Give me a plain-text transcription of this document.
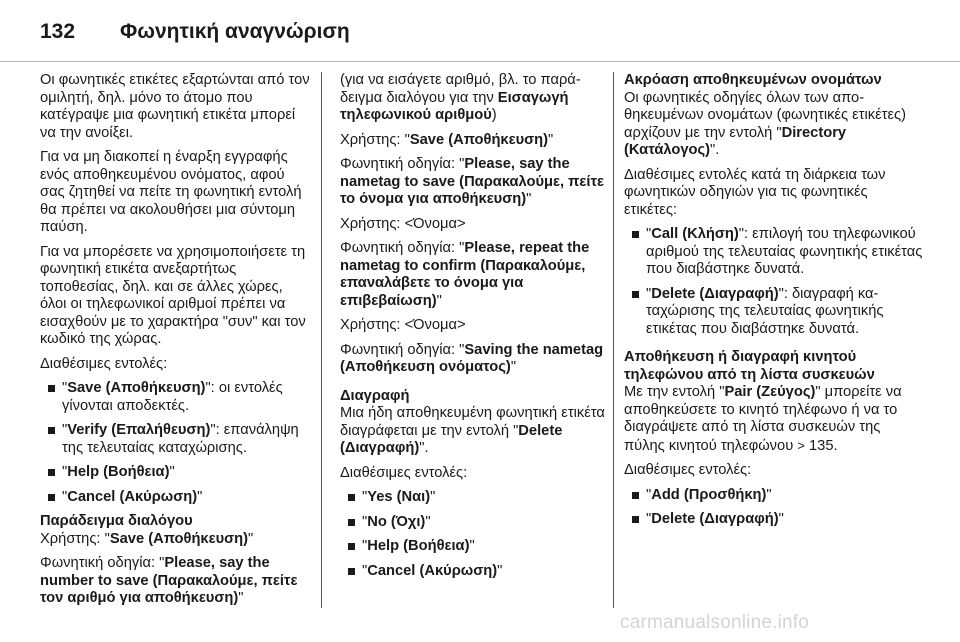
132 Φωνητική αναγνώριση

Οι φωνητικές ετικέτες εξαρτώνται από τον ομιλητή, δηλ. μόνο το άτομο που κατέγραψε μια φωνητική ετικέτα μπορεί να την ανοίξει.

Για να μη διακοπεί η έναρξη εγγραφής ενός αποθηκευμένου ονόματος, αφού σας ζητηθεί να πείτε τη φωνητική εντολή θα πρέπει να ακολουθήσει μια σύντομη παύση.

Για να μπορέσετε να χρησιμοποιήσετε τη φωνητική ετικέτα ανεξαρτήτως τοποθεσίας, δηλ. και σε άλλες χώρες, όλοι οι τηλεφωνικοί αριθμοί πρέπει να εισαχθούν με το χαρακτήρα "συν" και τον κωδικό της χώρας.

Διαθέσιμες εντολές:

"Save (Αποθήκευση)": οι εντολές γίνονται αποδεκτές.
"Verify (Επαλήθευση)": επανάληψη της τελευταίας καταχώρισης.
"Help (Βοήθεια)"
"Cancel (Ακύρωση)"
Παράδειγμα διαλόγου

Χρήστης: "Save (Αποθήκευση)"

Φωνητική οδηγία: "Please, say the number to save (Παρακαλούμε, πείτε τον αριθμό για αποθήκευση)"

(για να εισάγετε αριθμό, βλ. το παράδειγμα διαλόγου για την Εισαγωγή τηλεφωνικού αριθμού)

Χρήστης: "Save (Αποθήκευση)"

Φωνητική οδηγία: "Please, say the nametag to save (Παρακαλούμε, πείτε το όνομα για αποθήκευση)"

Χρήστης: <Όνομα>

Φωνητική οδηγία: "Please, repeat the nametag to confirm (Παρακαλούμε, επαναλάβετε το όνομα για επιβεβαίωση)"

Χρήστης: <Όνομα>

Φωνητική οδηγία: "Saving the nametag (Αποθήκευση ονόματος)"

Διαγραφή

Μια ήδη αποθηκευμένη φωνητική ετικέτα διαγράφεται με την εντολή "Delete (Διαγραφή)".

Διαθέσιμες εντολές:

"Yes (Ναι)"
"No (Όχι)"
"Help (Βοήθεια)"
"Cancel (Ακύρωση)"
Ακρόαση αποθηκευμένων ονομάτων

Οι φωνητικές οδηγίες όλων των αποθηκευμένων ονομάτων (φωνητικές ετικέτες) αρχίζουν με την εντολή "Directory (Κατάλογος)".

Διαθέσιμες εντολές κατά τη διάρκεια των φωνητικών οδηγιών για τις φωνητικές ετικέτες:

"Call (Κλήση)": επιλογή του τηλεφωνικού αριθμού της τελευταίας φωνητικής ετικέτας που διαβάστηκε δυνατά.
"Delete (Διαγραφή)": διαγραφή καταχώρισης της τελευταίας φωνητικής ετικέτας που διαβάστηκε δυνατά.
Αποθήκευση ή διαγραφή κινητού τηλεφώνου από τη λίστα συσκευών

Με την εντολή "Pair (Ζεύγος)" μπορείτε να αποθηκεύσετε το κινητό τηλέφωνο ή να το διαγράψετε από τη λίστα συσκευών της πύλης κινητού τηλεφώνου ˃ 135.

Διαθέσιμες εντολές:

"Add (Προσθήκη)"
"Delete (Διαγραφή)"
carmanualsonline.info
